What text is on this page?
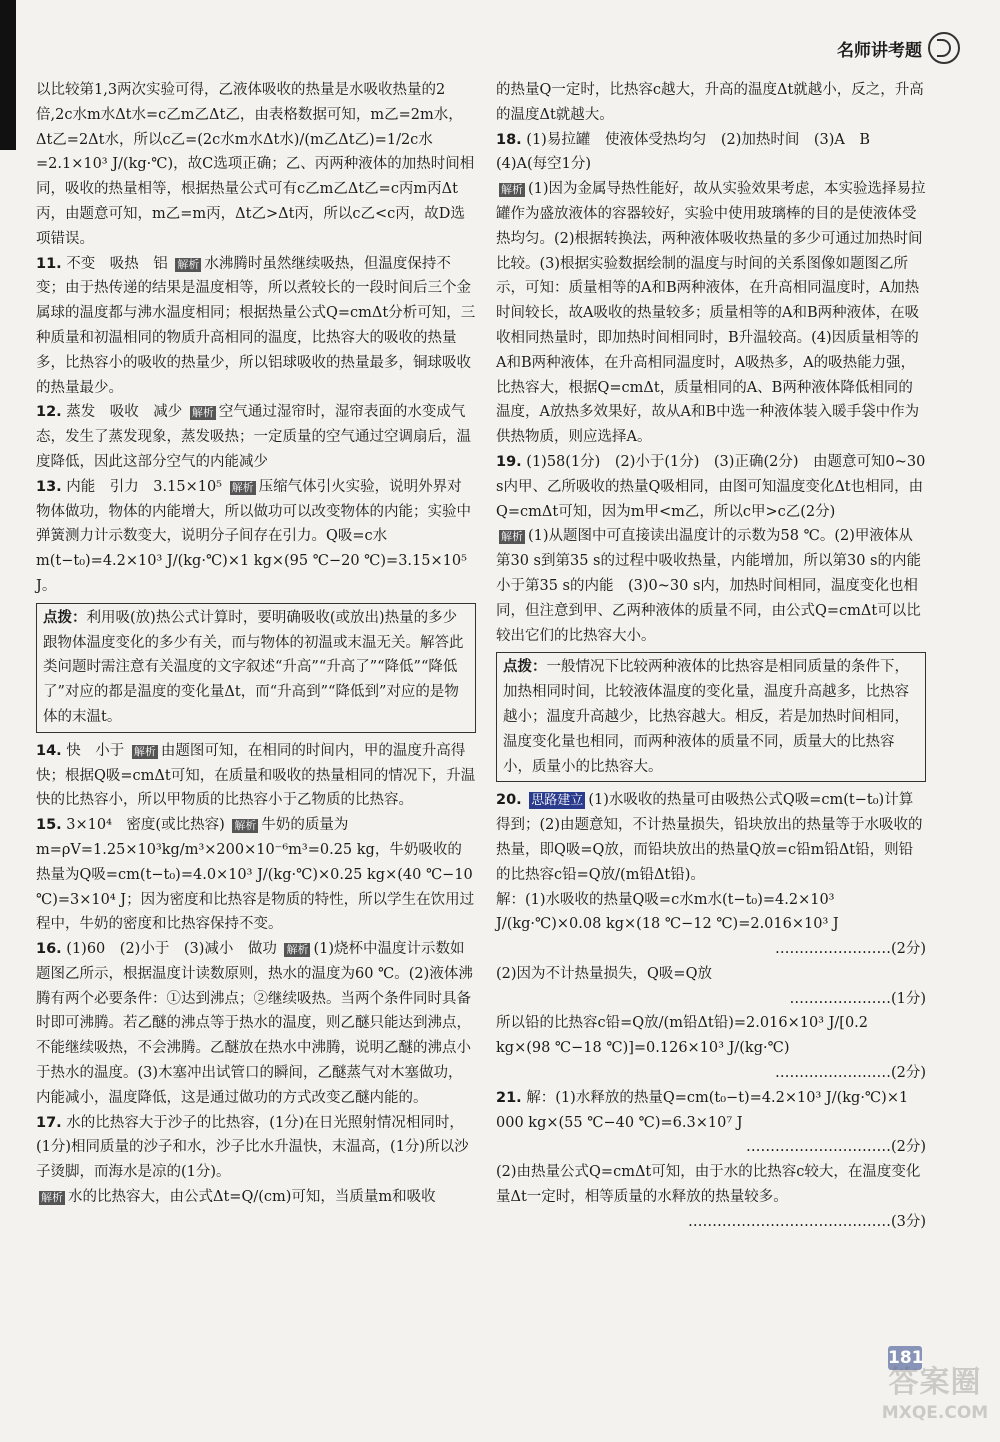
名师讲考题

以比较第1,3两次实验可得，乙液体吸收的热量是水吸收热量的2倍,2c水m水Δt水=c乙m乙Δt乙，由表格数据可知，m乙=2m水，Δt乙=2Δt水，所以c乙=(2c水m水Δt水)/(m乙Δt乙)=1/2c水=2.1×10³ J/(kg·℃)，故C选项正确；乙、丙两种液体的加热时间相同，吸收的热量相等，根据热量公式可有c乙m乙Δt乙=c丙m丙Δt丙，由题意可知，m乙=m丙，Δt乙>Δt丙，所以c乙<c丙，故D选项错误。

11. 不变　吸热　铝 解析 水沸腾时虽然继续吸热，但温度保持不变；由于热传递的结果是温度相等，所以煮较长的一段时间后三个金属球的温度都与沸水温度相同；根据热量公式Q=cmΔt分析可知，三种质量和初温相同的物质升高相同的温度，比热容大的吸收的热量多，比热容小的吸收的热量少，所以铝球吸收的热量最多，铜球吸收的热量最少。

12. 蒸发　吸收　减少 解析 空气通过湿帘时，湿帘表面的水变成气态，发生了蒸发现象，蒸发吸热；一定质量的空气通过空调扇后，温度降低，因此这部分空气的内能减少

13. 内能　引力　3.15×10⁵ 解析 压缩气体引火实验，说明外界对物体做功，物体的内能增大，所以做功可以改变物体的内能；实验中弹簧测力计示数变大，说明分子间存在引力。Q吸=c水m(t−t₀)=4.2×10³ J/(kg·℃)×1 kg×(95 ℃−20 ℃)=3.15×10⁵ J。

点拨：利用吸(放)热公式计算时，要明确吸收(或放出)热量的多少跟物体温度变化的多少有关，而与物体的初温或末温无关。解答此类问题时需注意有关温度的文字叙述“升高”“升高了”“降低”“降低了”对应的都是温度的变化量Δt，而“升高到”“降低到”对应的是物体的末温t。

14. 快　小于 解析 由题图可知，在相同的时间内，甲的温度升高得快；根据Q吸=cmΔt可知，在质量和吸收的热量相同的情况下，升温快的比热容小，所以甲物质的比热容小于乙物质的比热容。

15. 3×10⁴　密度(或比热容) 解析 牛奶的质量为m=ρV=1.25×10³kg/m³×200×10⁻⁶m³=0.25 kg，牛奶吸收的热量为Q吸=cm(t−t₀)=4.0×10³ J/(kg·℃)×0.25 kg×(40 ℃−10 ℃)=3×10⁴ J；因为密度和比热容是物质的特性，所以学生在饮用过程中，牛奶的密度和比热容保持不变。

16. (1)60　(2)小于　(3)减小　做功 解析 (1)烧杯中温度计示数如题图乙所示，根据温度计读数原则，热水的温度为60 ℃。(2)液体沸腾有两个必要条件：①达到沸点；②继续吸热。当两个条件同时具备时即可沸腾。若乙醚的沸点等于热水的温度，则乙醚只能达到沸点，不能继续吸热，不会沸腾。乙醚放在热水中沸腾，说明乙醚的沸点小于热水的温度。(3)木塞冲出试管口的瞬间，乙醚蒸气对木塞做功，内能减小，温度降低，这是通过做功的方式改变乙醚内能的。

17. 水的比热容大于沙子的比热容，(1分)在日光照射情况相同时，(1分)相同质量的沙子和水，沙子比水升温快，末温高，(1分)所以沙子烫脚，而海水是凉的(1分)。

解析 水的比热容大，由公式Δt=Q/(cm)可知，当质量m和吸收

的热量Q一定时，比热容c越大，升高的温度Δt就越小，反之，升高的温度Δt就越大。

18. (1)易拉罐　使液体受热均匀　(2)加热时间　(3)A　B　(4)A(每空1分)
解析 (1)因为金属导热性能好，故从实验效果考虑，本实验选择易拉罐作为盛放液体的容器较好，实验中使用玻璃棒的目的是使液体受热均匀。(2)根据转换法，两种液体吸收热量的多少可通过加热时间比较。(3)根据实验数据绘制的温度与时间的关系图像如题图乙所示，可知：质量相等的A和B两种液体，在升高相同温度时，A加热时间较长，故A吸收的热量较多；质量相等的A和B两种液体，在吸收相同热量时，即加热时间相同时，B升温较高。(4)因质量相等的A和B两种液体，在升高相同温度时，A吸热多，A的吸热能力强，比热容大，根据Q=cmΔt，质量相同的A、B两种液体降低相同的温度，A放热多效果好，故从A和B中选一种液体装入暖手袋中作为供热物质，则应选择A。

19. (1)58(1分)　(2)小于(1分)　(3)正确(2分)　由题意可知0~30 s内甲、乙所吸收的热量Q吸相同，由图可知温度变化Δt也相同，由Q=cmΔt可知，因为m甲<m乙，所以c甲>c乙(2分)
解析 (1)从题图中可直接读出温度计的示数为58 ℃。(2)甲液体从第30 s到第35 s的过程中吸收热量，内能增加，所以第30 s的内能小于第35 s的内能　(3)0~30 s内，加热时间相同，温度变化也相同，但注意到甲、乙两种液体的质量不同，由公式Q=cmΔt可以比较出它们的比热容大小。

点拨：一般情况下比较两种液体的比热容是相同质量的条件下，加热相同时间，比较液体温度的变化量，温度升高越多，比热容越小；温度升高越少，比热容越大。相反，若是加热时间相同，温度变化量也相同，而两种液体的质量不同，质量大的比热容小，质量小的比热容大。

20. 思路建立 (1)水吸收的热量可由吸热公式Q吸=cm(t−t₀)计算得到；(2)由题意知，不计热量损失，铅块放出的热量等于水吸收的热量，即Q吸=Q放，而铅块放出的热量Q放=c铅m铅Δt铅，则铅的比热容c铅=Q放/(m铅Δt铅)。

解：(1)水吸收的热量Q吸=c水m水(t−t₀)=4.2×10³ J/(kg·℃)×0.08 kg×(18 ℃−12 ℃)=2.016×10³ J
……………………(2分)

(2)因为不计热量损失，Q吸=Q放
…………………(1分)

所以铅的比热容c铅=Q放/(m铅Δt铅)=2.016×10³ J/[0.2 kg×(98 ℃−18 ℃)]=0.126×10³ J/(kg·℃)
……………………(2分)

21. 解：(1)水释放的热量Q=cm(t₀−t)=4.2×10³ J/(kg·℃)×1 000 kg×(55 ℃−40 ℃)=6.3×10⁷ J
…………………………(2分)

(2)由热量公式Q=cmΔt可知，由于水的比热容c较大，在温度变化量Δt一定时，相等质量的水释放的热量较多。
……………………………………(3分)

181
答案圈
MXQE.COM
